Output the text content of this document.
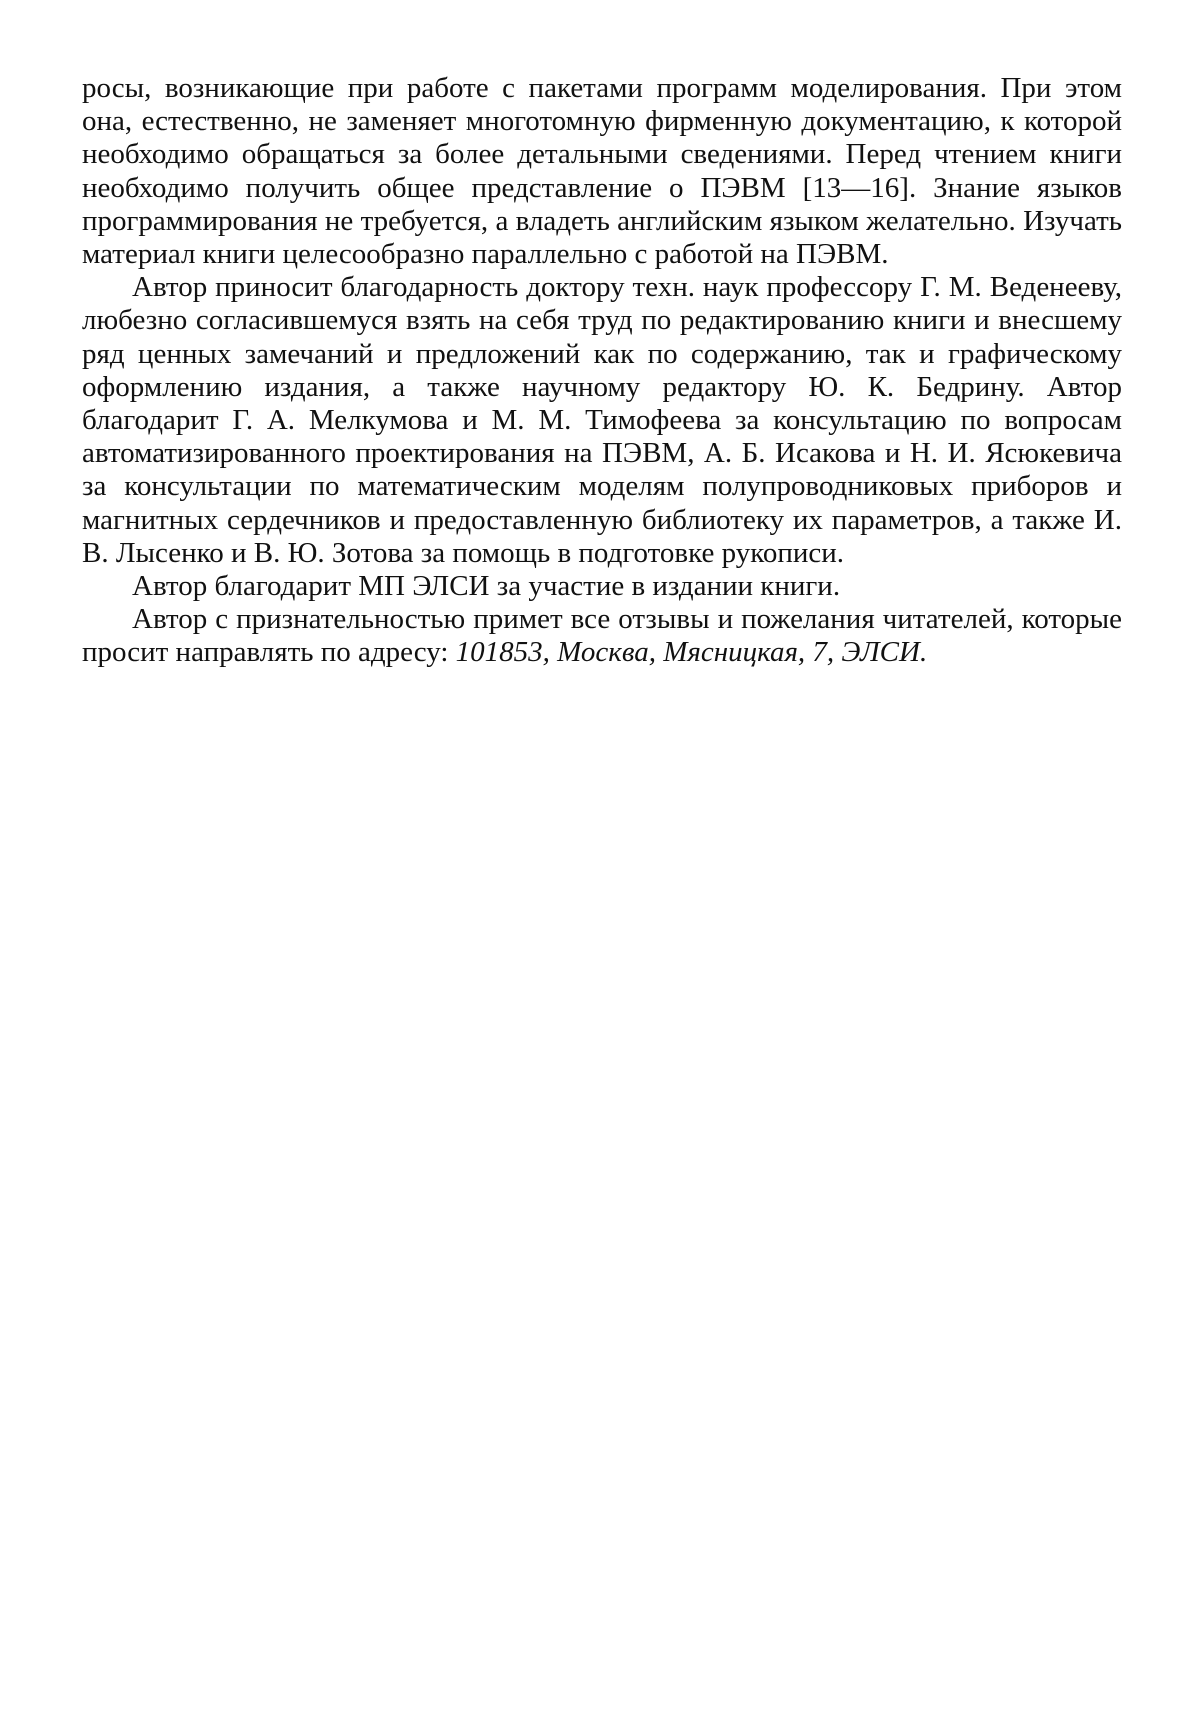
росы, возникающие при работе с пакетами программ моделирования. При этом она, естественно, не заменяет многотомную фирменную документацию, к которой необходимо обращаться за более детальными сведениями. Перед чтением книги необходимо получить общее представление о ПЭВМ [13—16]. Знание языков программирования не требуется, а владеть английским языком желательно. Изучать материал книги целесообразно параллельно с работой на ПЭВМ.

Автор приносит благодарность доктору техн. наук профессору Г. М. Веденееву, любезно согласившемуся взять на себя труд по редактированию книги и внесшему ряд ценных замечаний и предложений как по содержанию, так и графическому оформлению издания, а также научному редактору Ю. К. Бедрину. Автор благодарит Г. А. Мелкумова и М. М. Тимофеева за консультацию по вопросам автоматизированного проектирования на ПЭВМ, А. Б. Исакова и Н. И. Ясюкевича за консультации по математическим моделям полупроводниковых приборов и магнитных сердечников и предоставленную библиотеку их параметров, а также И. В. Лысенко и В. Ю. Зотова за помощь в подготовке рукописи.

Автор благодарит МП ЭЛСИ за участие в издании книги.

Автор с признательностью примет все отзывы и пожелания читателей, которые просит направлять по адресу: 101853, Москва, Мясницкая, 7, ЭЛСИ.
